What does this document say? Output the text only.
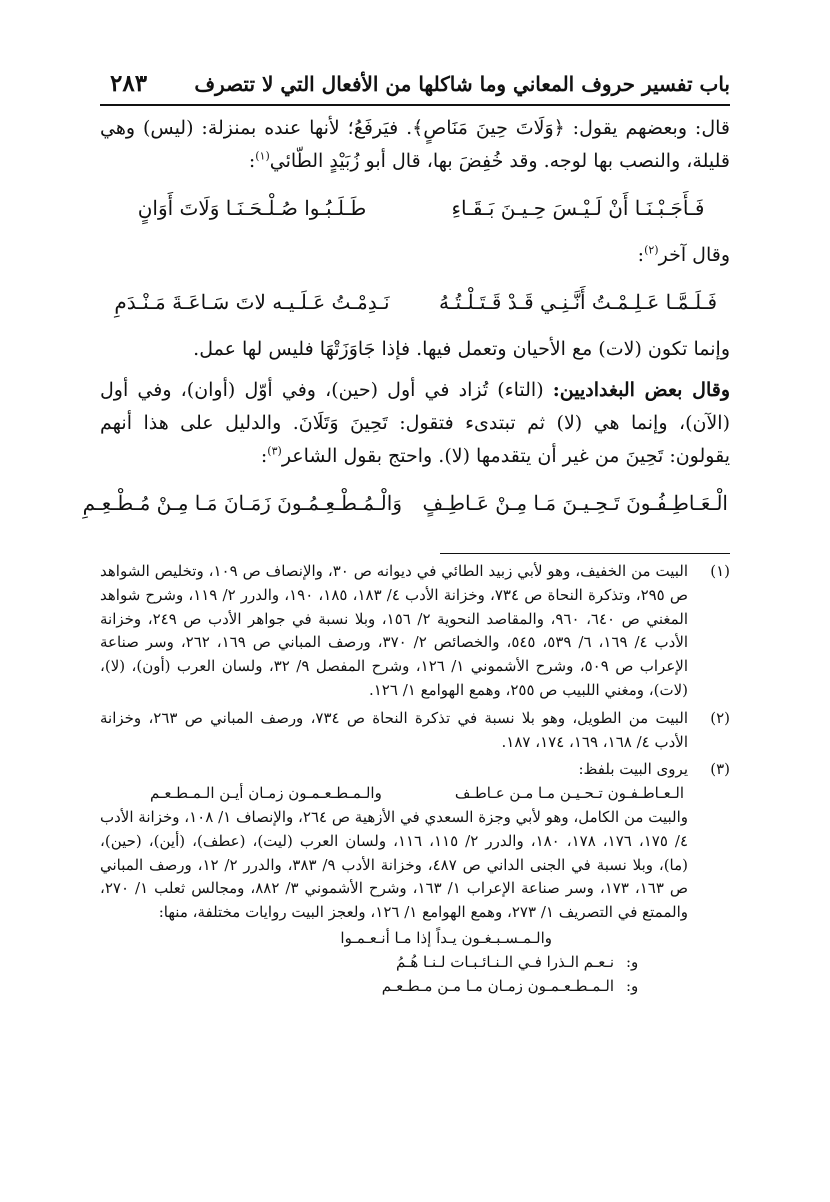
٢٨٣ باب تفسير حروف المعاني وما شاكلها من الأفعال التي لا تتصرف

قال: وبعضهم يقول: ﴿وَلَاتَ حِينَ مَنَاصٍ﴾. فيَرفَعُ؛ لأنها عنده بمنزلة: (ليس) وهي قليلة، والنصب بها لوجه. وقد خُفِضَ بها، قال أبو زُبَيْدٍ الطّائي$^{(١)}$:

فَـأَجَـبْـنَـا أَنْ لَـيْـسَ حِـيـنَ بَـقَـاءِ
طَـلَـبُـوا صُـلْـحَـنَـا وَلَاتَ أَوَانٍ

وقال آخر$^{(٢)}$:

فَـلَـمَّـا عَـلِـمْـتُ أَنَّـنِـي قَـدْ قَـتَـلْـتُـهُ
نَـدِمْـتُ عَـلَـيـه لاتَ سَـاعَـةَ مَـنْـدَمِ

وإنما تكون (لات) مع الأحيان وتعمل فيها. فإذا جَاوَزَتْهَا فليس لها عمل.

وقال بعض البغداديين: (التاء) تُزاد في أول (حين)، وفي أوّل (أوان)، وفي أول (الآن)، وإنما هي (لا) ثم تبتدىء فتقول: تَحِينَ وَتَلَانَ. والدليل على هذا أنهم يقولون: تَحِينَ من غير أن يتقدمها (لا). واحتج بقول الشاعر$^{(٣)}$:

الْـعَـاطِـفُـونَ تَـحِـيـنَ مَـا مِـنْ عَـاطِـفٍ
وَالْـمُـطْـعِـمُـونَ زَمَـانَ مَـا مِـنْ مُـطْـعِـمِ
(١)

البيت من الخفيف، وهو لأبي زبيد الطائي في ديوانه ص ٣٠، والإنصاف ص ١٠٩، وتخليص الشواهد ص ٢٩٥، وتذكرة النحاة ص ٧٣٤، وخزانة الأدب ٤/ ١٨٣، ١٨٥، ١٩٠، والدرر ٢/ ١١٩، وشرح شواهد المغني ص ٦٤٠، ٩٦٠، والمقاصد النحوية ٢/ ١٥٦، وبلا نسبة في جواهر الأدب ص ٢٤٩، وخزانة الأدب ٤/ ١٦٩، ٦/ ٥٣٩، ٥٤٥، والخصائص ٢/ ٣٧٠، ورصف المباني ص ١٦٩، ٢٦٢، وسر صناعة الإعراب ص ٥٠٩، وشرح الأشموني ١/ ١٢٦، وشرح المفصل ٩/ ٣٢، ولسان العرب (أون)، (لا)، (لات)، ومغني اللبيب ص ٢٥٥، وهمع الهوامع ١/ ١٢٦.

(٢)

البيت من الطويل، وهو بلا نسبة في تذكرة النحاة ص ٧٣٤، ورصف المباني ص ٢٦٣، وخزانة الأدب ٤/ ١٦٨، ١٦٩، ١٧٤، ١٨٧.

(٣)

يروى البيت بلفظ:

الـعـاطـفـون تـحـيـن مـا مـن عـاطـف
والـمـطـعـمـون زمـان أيـن الـمـطـعـم

والبيت من الكامل، وهو لأبي وجزة السعدي في الأزهية ص ٢٦٤، والإنصاف ١/ ١٠٨، وخزانة الأدب ٤/ ١٧٥، ١٧٦، ١٧٨، ١٨٠، والدرر ٢/ ١١٥، ١١٦، ولسان العرب (ليت)، (عطف)، (أين)، (حين)، (ما)، وبلا نسبة في الجنى الداني ص ٤٨٧، وخزانة الأدب ٩/ ٣٨٣، والدرر ٢/ ١٢، ورصف المباني ص ١٦٣، ١٧٣، وسر صناعة الإعراب ١/ ١٦٣، وشرح الأشموني ٣/ ٨٨٢، ومجالس ثعلب ١/ ٢٧٠، والممتع في التصريف ١/ ٢٧٣، وهمع الهوامع ١/ ١٢٦، ولعجز البيت روايات مختلفة، منها:

والـمـسـبـغـون يـداً إذا مـا أنـعـمـوا
و:
نـعـم الـذرا فـي الـنـائـبـات لـنـا هُـمُ
و:
الـمـطـعـمـون زمـان مـا مـن مـطـعـم
